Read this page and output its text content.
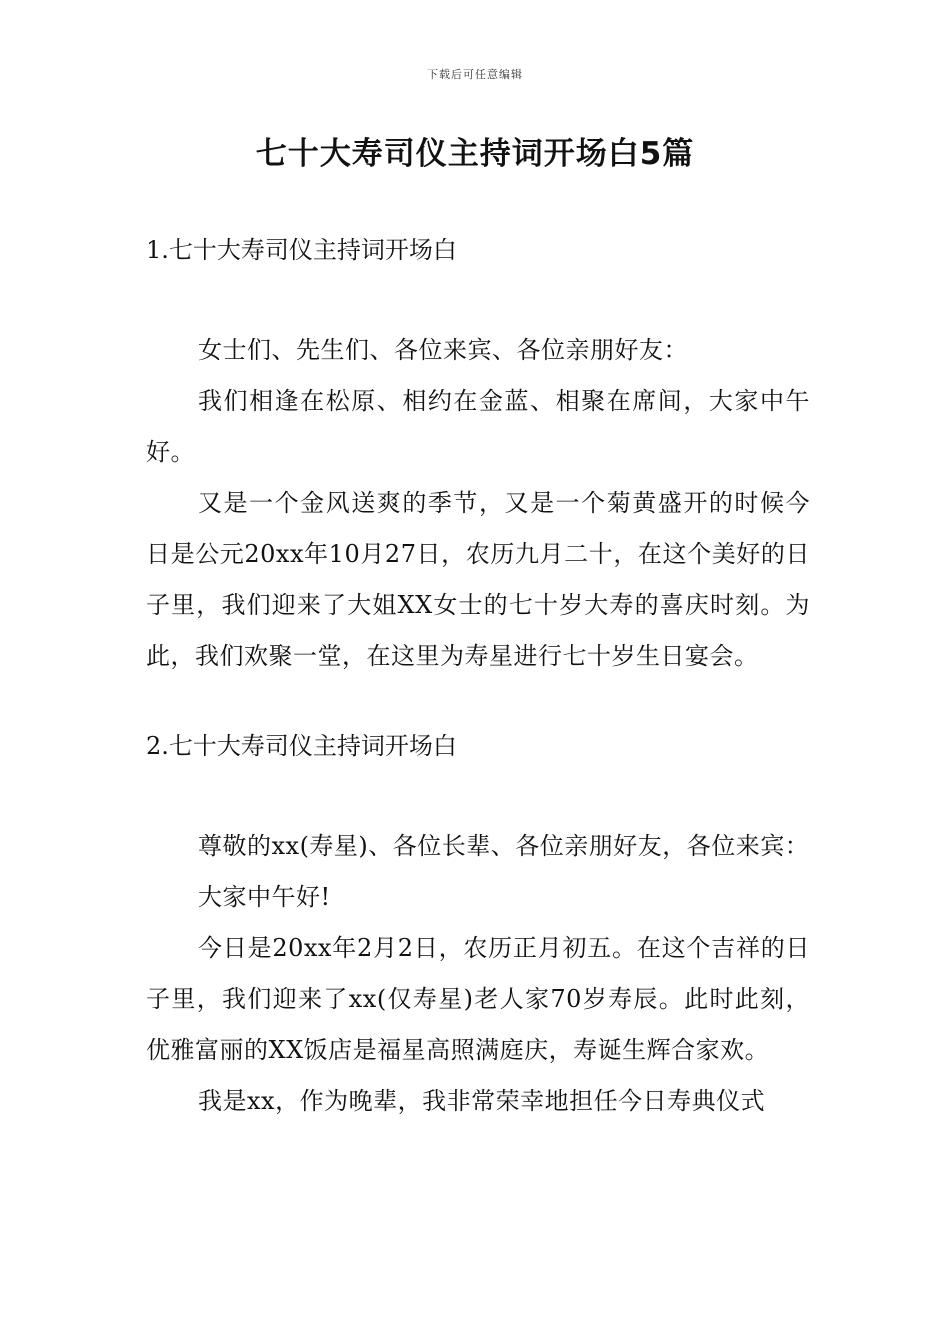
下载后可任意编辑
七十大寿司仪主持词开场白5篇

1.七十大寿司仪主持词开场白

女士们、先生们、各位来宾、各位亲朋好友：

我们相逢在松原、相约在金蓝、相聚在席间，大家中午好。

又是一个金风送爽的季节，又是一个菊黄盛开的时候今日是公元20xx年10月27日，农历九月二十，在这个美好的日子里，我们迎来了大姐XX女士的七十岁大寿的喜庆时刻。为此，我们欢聚一堂，在这里为寿星进行七十岁生日宴会。

2.七十大寿司仪主持词开场白

尊敬的xx(寿星)、各位长辈、各位亲朋好友，各位来宾：

大家中午好!

今日是20xx年2月2日，农历正月初五。在这个吉祥的日子里，我们迎来了xx(仅寿星)老人家70岁寿辰。此时此刻，优雅富丽的XX饭店是福星高照满庭庆，寿诞生辉合家欢。

我是xx，作为晚辈，我非常荣幸地担任今日寿典仪式
